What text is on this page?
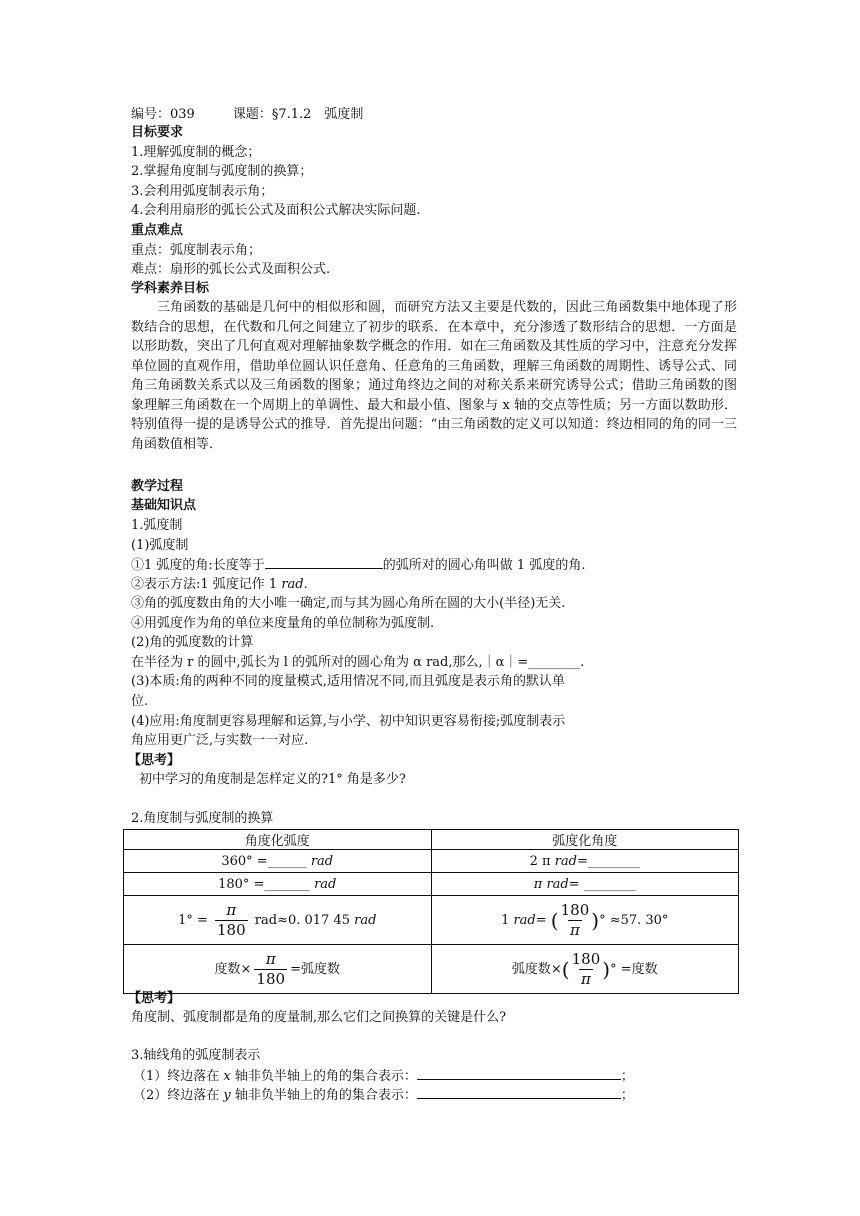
编号：039	课题：§7.1.2　弧度制
目标要求
1.理解弧度制的概念；
2.掌握角度制与弧度制的换算；
3.会利用弧度制表示角；
4.会利用扇形的弧长公式及面积公式解决实际问题.
重点难点
重点：弧度制表示角；
难点：扇形的弧长公式及面积公式.
学科素养目标
三角函数的基础是几何中的相似形和圆，而研究方法又主要是代数的，因此三角函数集中地体现了形数结合的思想，在代数和几何之间建立了初步的联系．在本章中，充分渗透了数形结合的思想．一方面是以形助数，突出了几何直观对理解抽象数学概念的作用．如在三角函数及其性质的学习中，注意充分发挥单位圆的直观作用，借助单位圆认识任意角、任意角的三角函数，理解三角函数的周期性、诱导公式、同角三角函数关系式以及三角函数的图象；通过角终边之间的对称关系来研究诱导公式；借助三角函数的图象理解三角函数在一个周期上的单调性、最大和最小值、图象与 x 轴的交点等性质；另一方面以数助形．特别值得一提的是诱导公式的推导．首先提出问题：“由三角函数的定义可以知道：终边相同的角的同一三角函数值相等．
教学过程
基础知识点
1.弧度制
(1)弧度制
①1 弧度的角:长度等于	的弧所对的圆心角叫做 1 弧度的角.
②表示方法:1 弧度记作 1 rad.
③角的弧度数由角的大小唯一确定,而与其为圆心角所在圆的大小(半径)无关.
④用弧度作为角的单位来度量角的单位制称为弧度制.
(2)角的弧度数的计算
在半径为 r 的圆中,弧长为 l 的弧所对的圆心角为 α rad,那么,｜α｜=________.
(3)本质:角的两种不同的度量模式,适用情况不同,而且弧度是表示角的默认单
位.
(4)应用:角度制更容易理解和运算,与小学、初中知识更容易衔接;弧度制表示
角应用更广泛,与实数一一对应.
【思考】
初中学习的角度制是怎样定义的?1° 角是多少?
2.角度制与弧度制的换算
角度化弧度	弧度化角度
360° =______ rad	2 π rad=________
180° =_______ rad	π rad= ________
$1^\circ = \frac{\pi}{180} rad\approx 0$. 017 45 rad	1 rad= ( $\frac{180}{\pi}$ )° ≈57. 30°
度数× $\frac{\pi}{180}$ =弧度数	弧度数×( $\frac{180}{\pi}$ )° =度数
【思考】
角度制、弧度制都是角的度量制,那么它们之间换算的关键是什么?
3.轴线角的弧度制表示
（1）终边落在 x 轴非负半轴上的角的集合表示：	；
（2）终边落在 y 轴非负半轴上的角的集合表示：	；
